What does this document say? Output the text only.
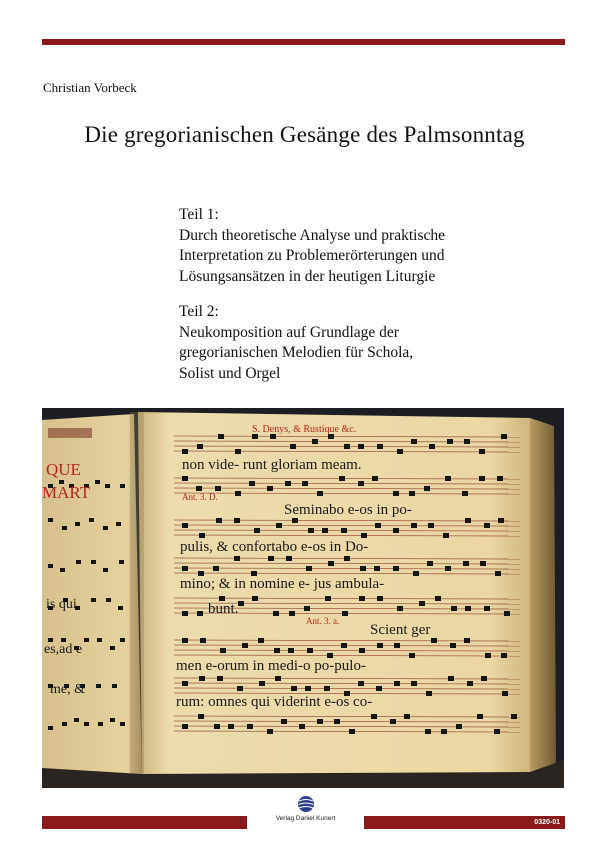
Christian Vorbeck
Die gregorianischen Gesänge des Palmsonntag
Teil 1:
Durch theoretische Analyse und praktische
Interpretation zu Problemerörterungen und
Lösungsansätzen in der heutigen Liturgie
Teil 2:
Neukomposition auf Grundlage der
gregorianischen Melodien für Schola,
Solist und Orgel
QUE
MART
is qui
es,ad e
me, &
S. Denys, & Rustique &c.
non vide- runt gloriam meam.
Ant. 3. D.
Seminabo e-os in po-
pulis, & confortabo e-os in Do-
mino; & in nomine e- jus ambula-
bunt.
Ant. 3. a.
Scient ger
men e-orum in medi-o po-pulo-
rum: omnes qui viderint e-os co-
0320-01
Verlag Daniel Kunert
